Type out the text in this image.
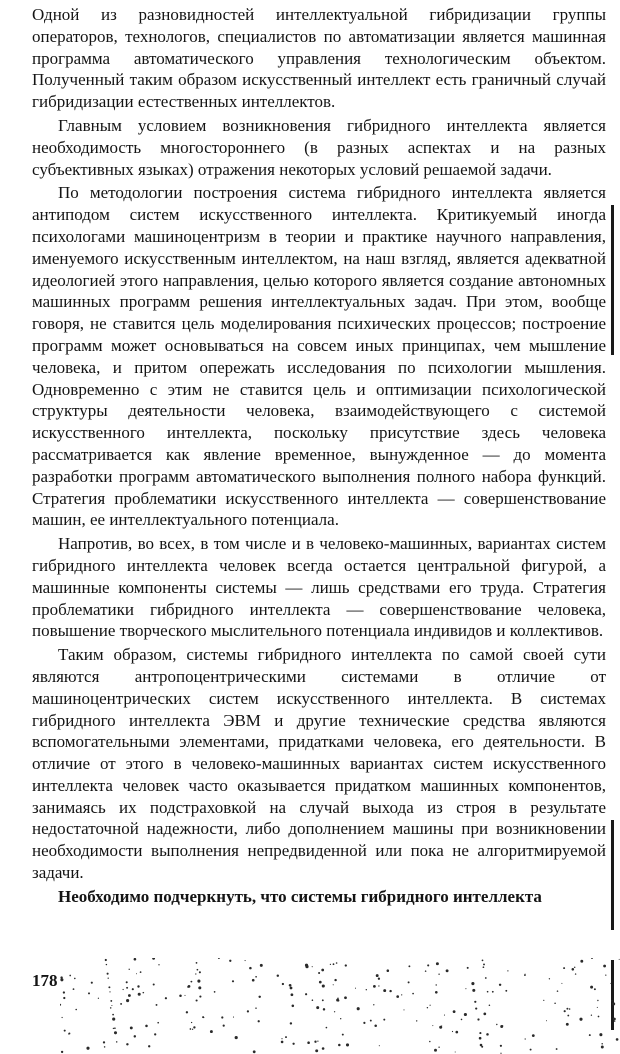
Одной из разновидностей интеллектуальной гибридизации группы операторов, технологов, специалистов по автоматизации является машинная программа автоматического управления технологическим объектом. Полученный таким образом искусственный интеллект есть граничный случай гибридизации естественных интеллектов.

Главным условием возникновения гибридного интеллекта является необходимость многостороннего (в разных аспектах и на разных субъективных языках) отражения некоторых условий решаемой задачи.

По методологии построения система гибридного интеллекта является антиподом систем искусственного интеллекта. Критикуемый иногда психологами машиноцентризм в теории и практике научного направления, именуемого искусственным интеллектом, на наш взгляд, является адекватной идеологией этого направления, целью которого является создание автономных машинных программ решения интеллектуальных задач. При этом, вообще говоря, не ставится цель моделирования психических процессов; построение программ может основываться на совсем иных принципах, чем мышление человека, и притом опережать исследования по психологии мышления. Одновременно с этим не ставится цель и оптимизации психологической структуры деятельности человека, взаимодействующего с системой искусственного интеллекта, поскольку присутствие здесь человека рассматривается как явление временное, вынужденное — до момента разработки программ автоматического выполнения полного набора функций. Стратегия проблематики искусственного интеллекта — совершенствование машин, ее интеллектуального потенциала.

Напротив, во всех, в том числе и в человеко-машинных, вариантах систем гибридного интеллекта человек всегда остается центральной фигурой, а машинные компоненты системы — лишь средствами его труда. Стратегия проблематики гибридного интеллекта — совершенствование человека, повышение творческого мыслительного потенциала индивидов и коллективов.

Таким образом, системы гибридного интеллекта по самой своей сути являются антропоцентрическими системами в отличие от машиноцентрических систем искусственного интеллекта. В системах гибридного интеллекта ЭВМ и другие технические средства являются вспомогательными элементами, придатками человека, его деятельности. В отличие от этого в человеко-машинных вариантах систем искусственного интеллекта человек часто оказывается придатком машинных компонентов, занимаясь их подстраховкой на случай выхода из строя в результате недостаточной надежности, либо дополнением машины при возникновении необходимости выполнения непредвиденной или пока не алгоритмируемой задачи.

Необходимо подчеркнуть, что системы гибридного интеллекта

178
